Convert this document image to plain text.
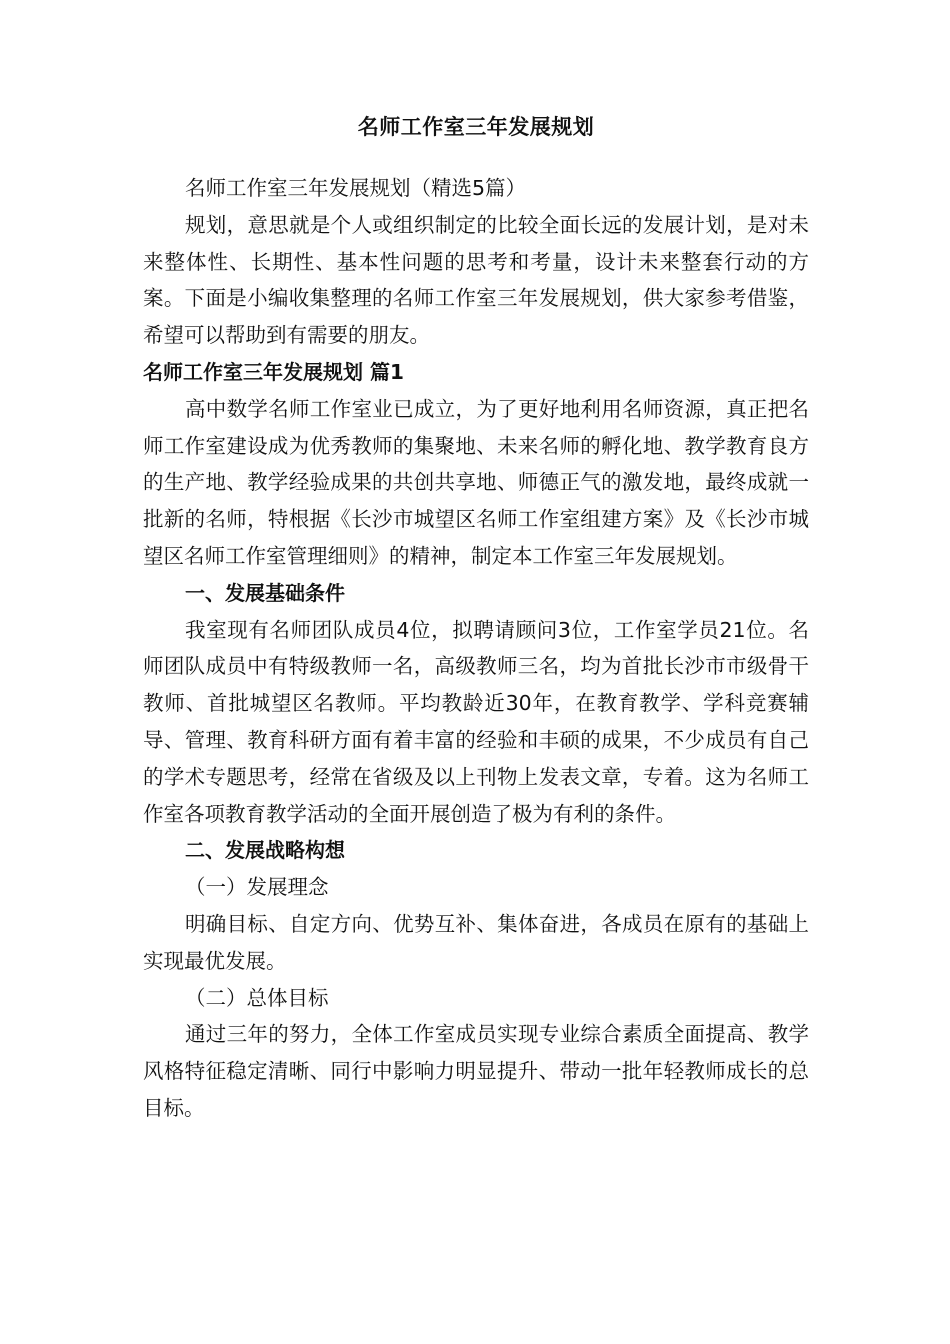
名师工作室三年发展规划

名师工作室三年发展规划（精选5篇）

规划，意思就是个人或组织制定的比较全面长远的发展计划，是对未来整体性、长期性、基本性问题的思考和考量，设计未来整套行动的方案。下面是小编收集整理的名师工作室三年发展规划，供大家参考借鉴，希望可以帮助到有需要的朋友。

名师工作室三年发展规划 篇1

高中数学名师工作室业已成立，为了更好地利用名师资源，真正把名师工作室建设成为优秀教师的集聚地、未来名师的孵化地、教学教育良方的生产地、教学经验成果的共创共享地、师德正气的激发地，最终成就一批新的名师，特根据《长沙市城望区名师工作室组建方案》及《长沙市城望区名师工作室管理细则》的精神，制定本工作室三年发展规划。

一、发展基础条件

我室现有名师团队成员4位，拟聘请顾问3位，工作室学员21位。名师团队成员中有特级教师一名，高级教师三名，均为首批长沙市市级骨干教师、首批城望区名教师。平均教龄近30年，在教育教学、学科竞赛辅导、管理、教育科研方面有着丰富的经验和丰硕的成果，不少成员有自己的学术专题思考，经常在省级及以上刊物上发表文章，专着。这为名师工作室各项教育教学活动的全面开展创造了极为有利的条件。

二、发展战略构想

（一）发展理念

明确目标、自定方向、优势互补、集体奋进，各成员在原有的基础上实现最优发展。

（二）总体目标

通过三年的努力，全体工作室成员实现专业综合素质全面提高、教学风格特征稳定清晰、同行中影响力明显提升、带动一批年轻教师成长的总目标。
